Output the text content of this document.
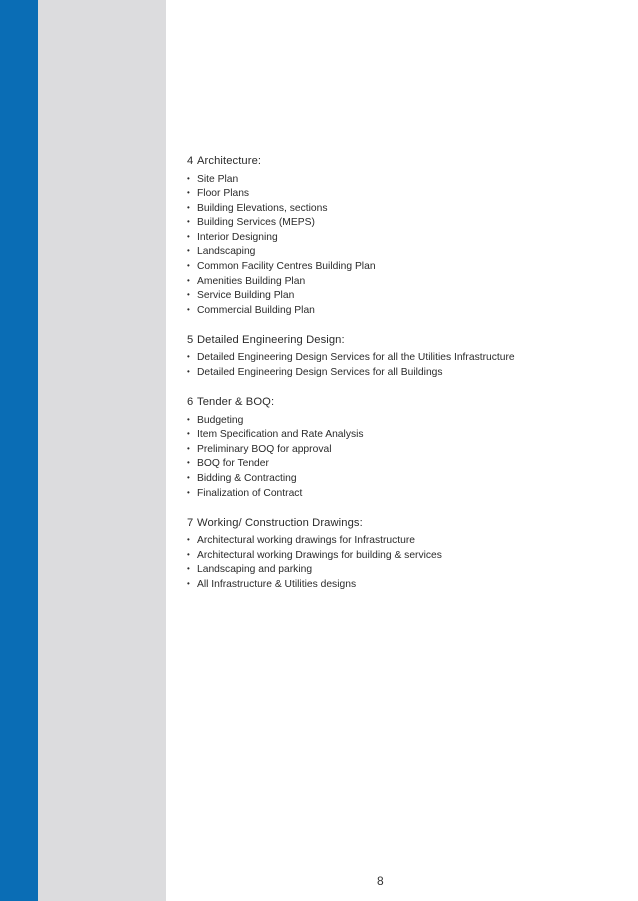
4 Architecture:
• Site Plan
• Floor Plans
• Building Elevations, sections
• Building Services (MEPS)
• Interior Designing
• Landscaping
• Common Facility Centres Building Plan
• Amenities Building Plan
• Service Building Plan
• Commercial Building Plan
5 Detailed Engineering Design:
• Detailed Engineering Design Services for all the Utilities Infrastructure
• Detailed Engineering Design Services for all Buildings
6 Tender & BOQ:
• Budgeting
• Item Specification and Rate Analysis
• Preliminary BOQ for approval
• BOQ for Tender
• Bidding & Contracting
• Finalization of Contract
7 Working/ Construction Drawings:
• Architectural working drawings for Infrastructure
• Architectural working Drawings for building & services
• Landscaping and parking
• All Infrastructure & Utilities designs
8
